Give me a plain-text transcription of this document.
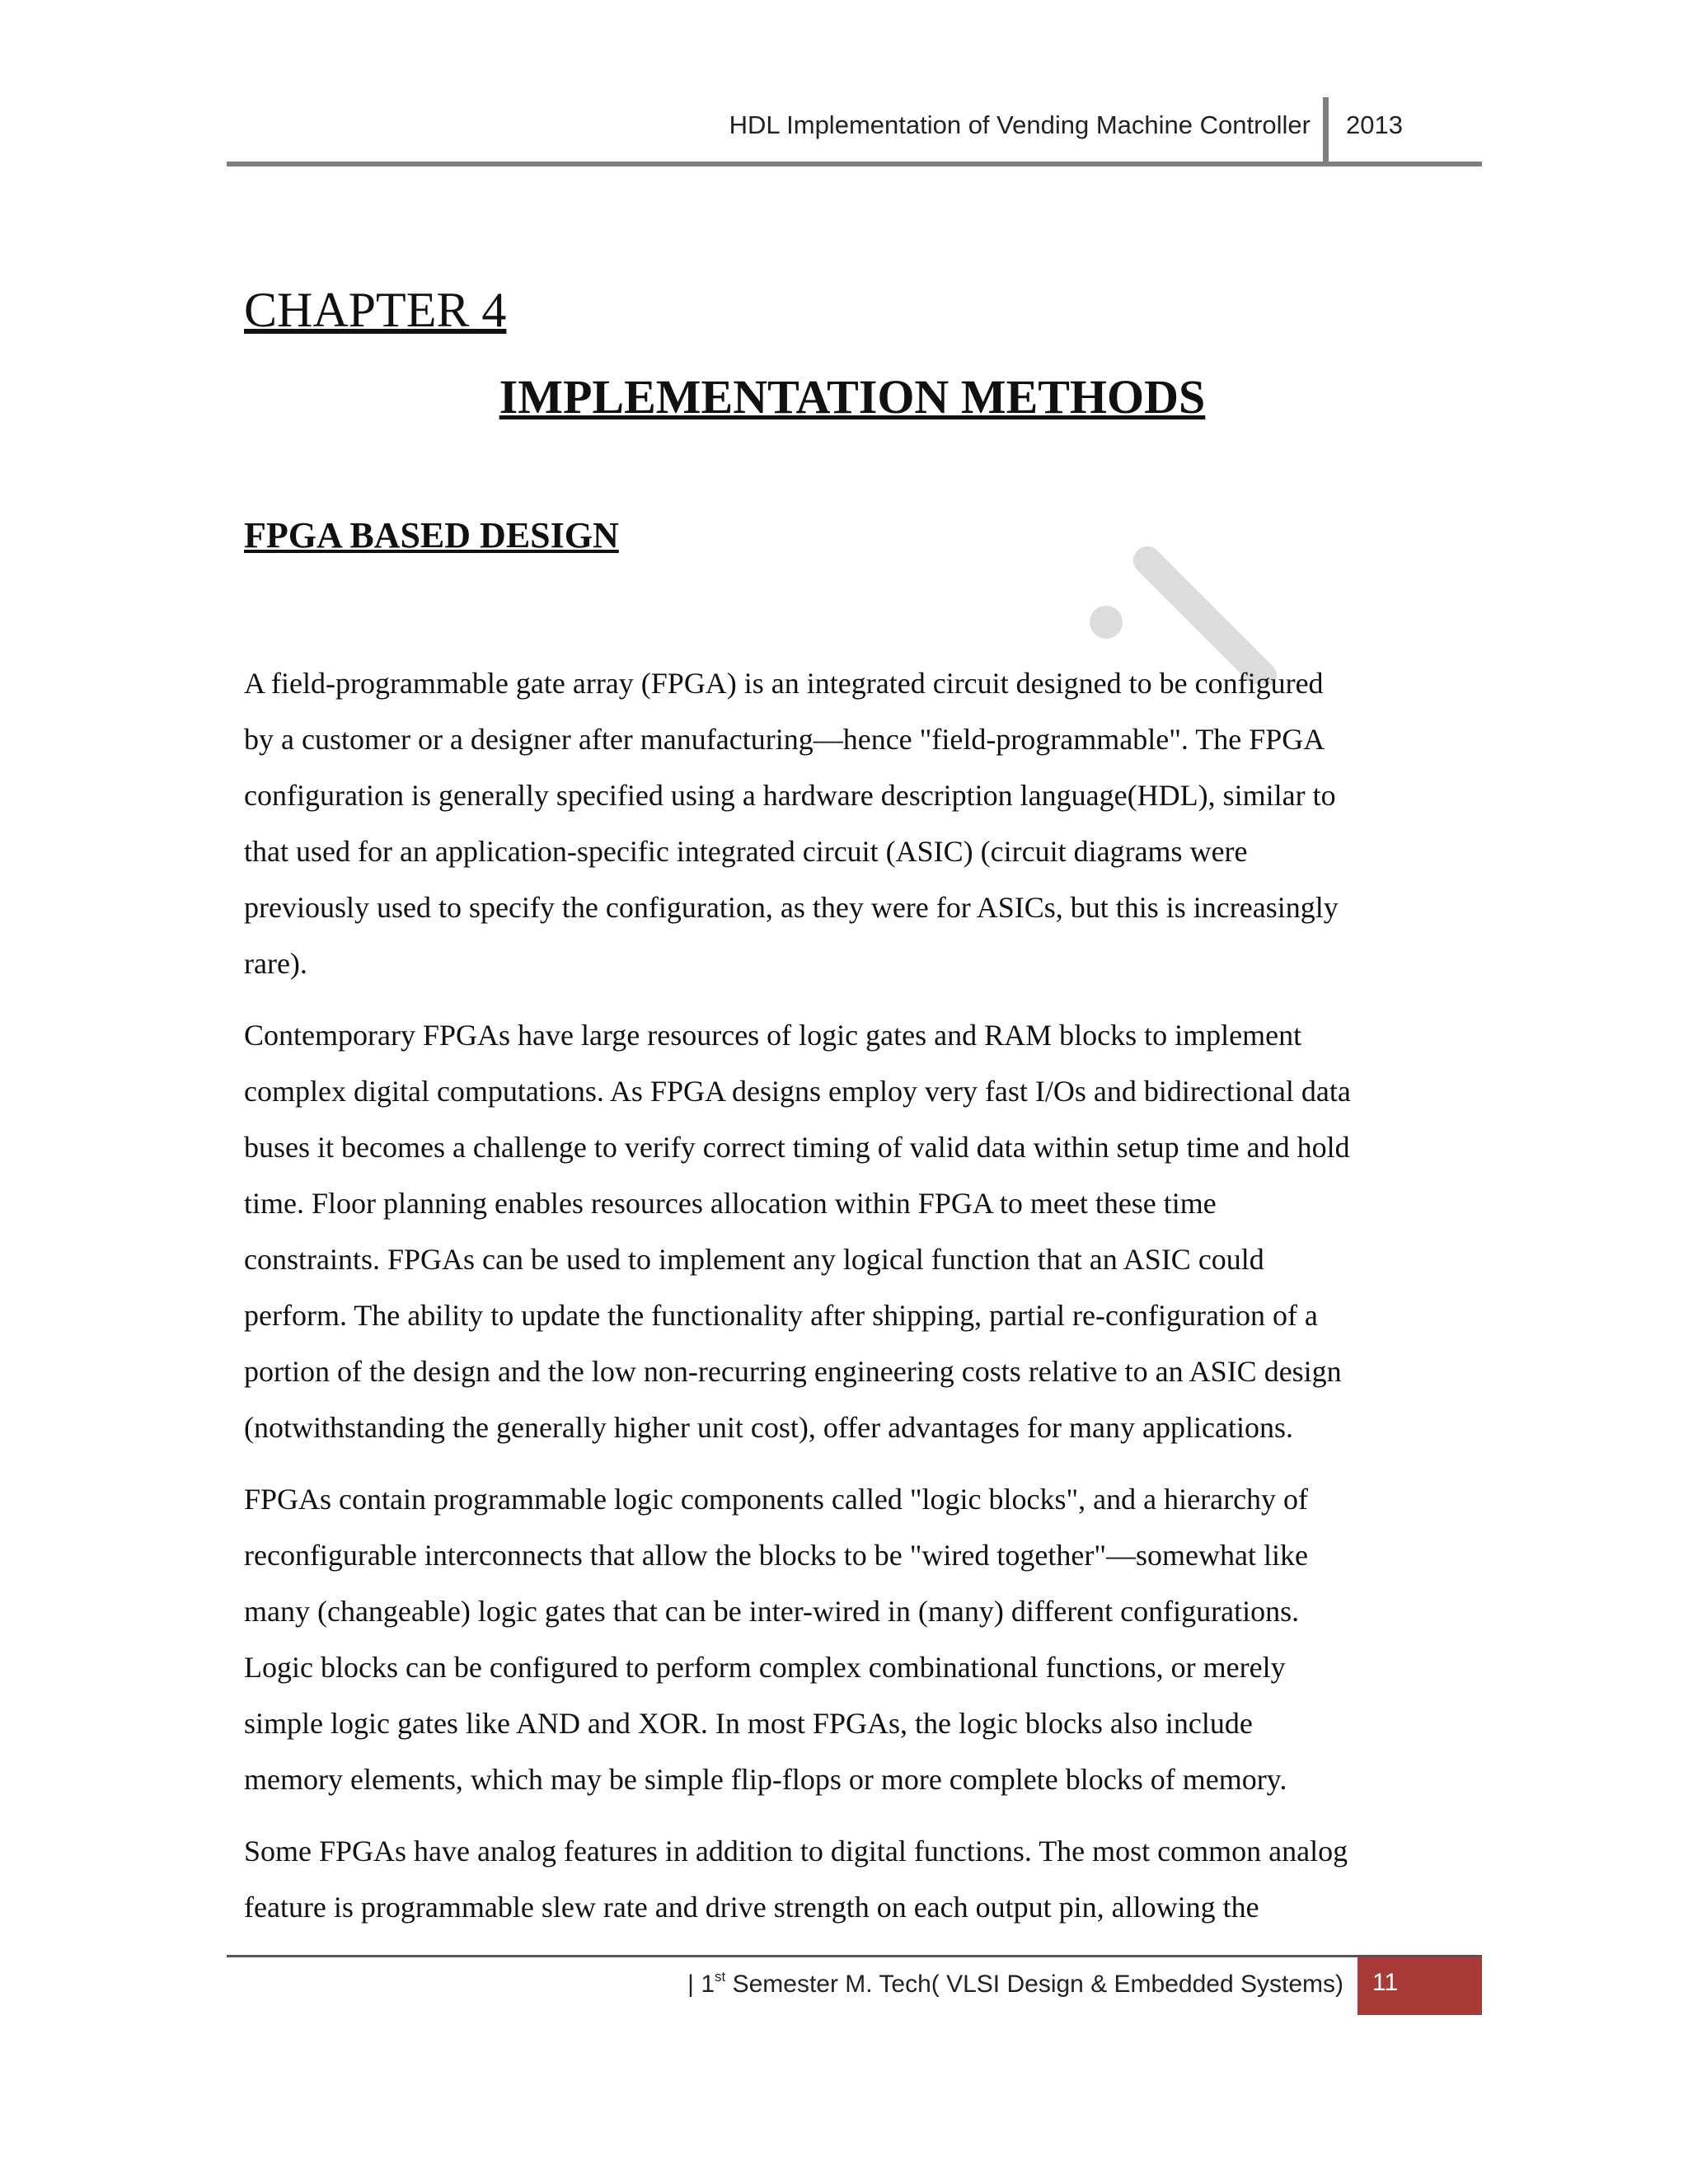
HDL Implementation of Vending Machine Controller 2013
CHAPTER 4
IMPLEMENTATION METHODS
FPGA BASED DESIGN
A field-programmable gate array (FPGA) is an integrated circuit designed to be configured
by a customer or a designer after manufacturing—hence "field-programmable". The FPGA
configuration is generally specified using a hardware description language(HDL), similar to
that used for an application-specific integrated circuit (ASIC) (circuit diagrams were
previously used to specify the configuration, as they were for ASICs, but this is increasingly
rare).
Contemporary FPGAs have large resources of logic gates and RAM blocks to implement
complex digital computations. As FPGA designs employ very fast I/Os and bidirectional data
buses it becomes a challenge to verify correct timing of valid data within setup time and hold
time. Floor planning enables resources allocation within FPGA to meet these time
constraints. FPGAs can be used to implement any logical function that an ASIC could
perform. The ability to update the functionality after shipping, partial re-configuration of a
portion of the design and the low non-recurring engineering costs relative to an ASIC design
(notwithstanding the generally higher unit cost), offer advantages for many applications.
FPGAs contain programmable logic components called "logic blocks", and a hierarchy of
reconfigurable interconnects that allow the blocks to be "wired together"—somewhat like
many (changeable) logic gates that can be inter-wired in (many) different configurations.
Logic blocks can be configured to perform complex combinational functions, or merely
simple logic gates like AND and XOR. In most FPGAs, the logic blocks also include
memory elements, which may be simple flip-flops or more complete blocks of memory.
Some FPGAs have analog features in addition to digital functions. The most common analog
feature is programmable slew rate and drive strength on each output pin, allowing the
| 1st Semester M. Tech( VLSI Design & Embedded Systems)	11
